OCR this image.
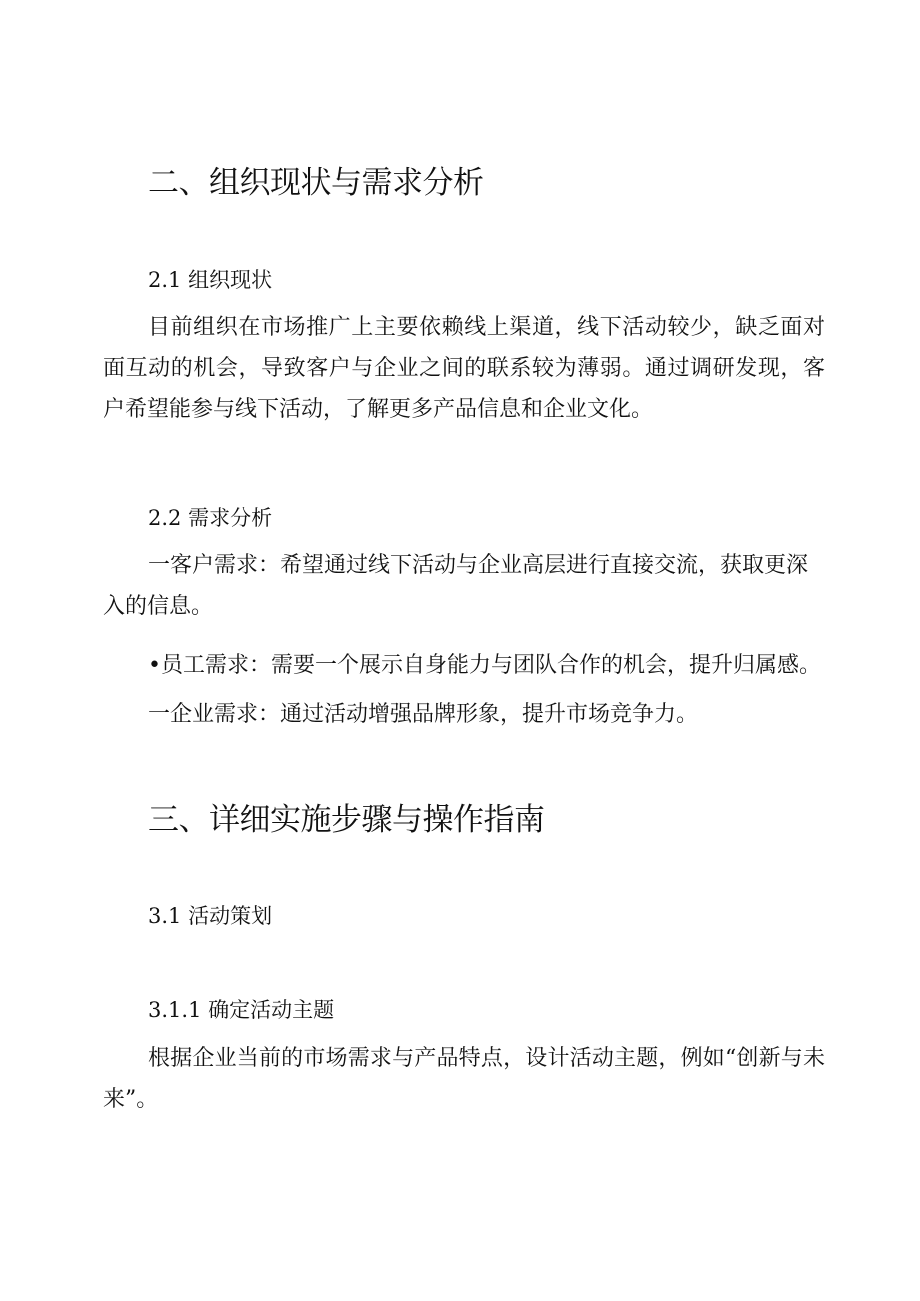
二、组织现状与需求分析
2.1 组织现状

目前组织在市场推广上主要依赖线上渠道，线下活动较少，缺乏面对面互动的机会，导致客户与企业之间的联系较为薄弱。通过调研发现，客户希望能参与线下活动，了解更多产品信息和企业文化。

2.2 需求分析

一客户需求：希望通过线下活动与企业高层进行直接交流，获取更深入的信息。

•员工需求：需要一个展示自身能力与团队合作的机会，提升归属感。

一企业需求：通过活动增强品牌形象，提升市场竞争力。

三、详细实施步骤与操作指南
3.1 活动策划
3.1.1 确定活动主题

根据企业当前的市场需求与产品特点，设计活动主题，例如“创新与未来”。
